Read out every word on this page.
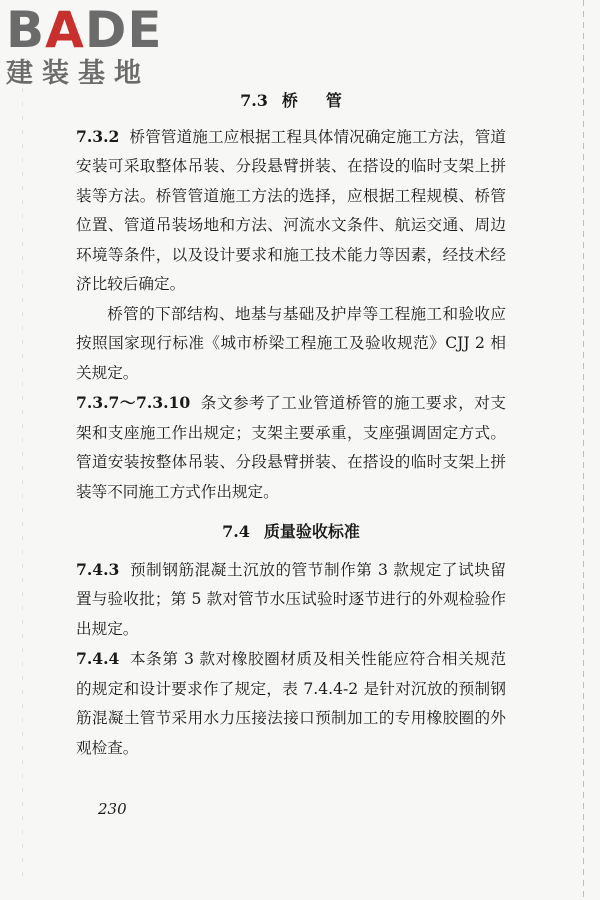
BADE
建装基地
7.3 桥 管

7.3.2 桥管管道施工应根据工程具体情况确定施工方法，管道安装可采取整体吊装、分段悬臂拼装、在搭设的临时支架上拼装等方法。桥管管道施工方法的选择，应根据工程规模、桥管位置、管道吊装场地和方法、河流水文条件、航运交通、周边环境等条件，以及设计要求和施工技术能力等因素，经技术经济比较后确定。

桥管的下部结构、地基与基础及护岸等工程施工和验收应按照国家现行标准《城市桥梁工程施工及验收规范》CJJ 2 相关规定。

7.3.7～7.3.10 条文参考了工业管道桥管的施工要求，对支架和支座施工作出规定；支架主要承重，支座强调固定方式。管道安装按整体吊装、分段悬臂拼装、在搭设的临时支架上拼装等不同施工方式作出规定。

7.4 质量验收标准

7.4.3 预制钢筋混凝土沉放的管节制作第 3 款规定了试块留置与验收批；第 5 款对管节水压试验时逐节进行的外观检验作出规定。

7.4.4 本条第 3 款对橡胶圈材质及相关性能应符合相关规范的规定和设计要求作了规定，表 7.4.4-2 是针对沉放的预制钢筋混凝土管节采用水力压接法接口预制加工的专用橡胶圈的外观检查。

230
